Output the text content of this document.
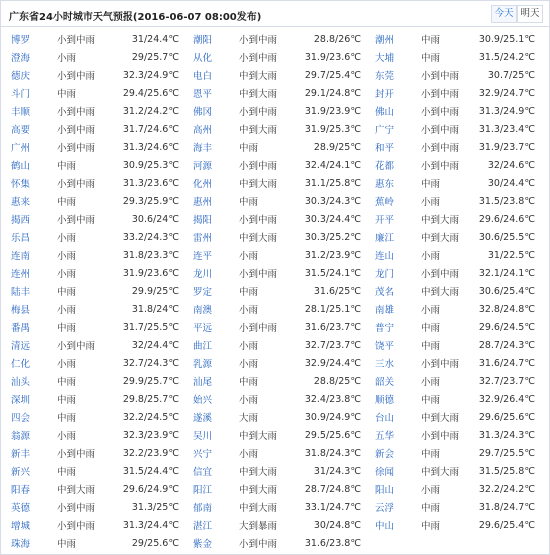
广东省24小时城市天气预报(2016-06-07 08:00发布)	今天 明天
博罗	小到中雨	31/24.4℃	潮阳	小到中雨	28.8/26℃	潮州	中雨	30.9/25.1℃
澄海	小雨	29/25.7℃	从化	小到中雨	31.9/23.6℃	大埔	中雨	31.5/24.2℃
德庆	小到中雨	32.3/24.9℃	电白	中到大雨	29.7/25.4℃	东莞	小到中雨	30.7/25℃
斗门	中雨	29.4/25.6℃	恩平	中到大雨	29.1/24.8℃	封开	小到中雨	32.9/24.7℃
丰顺	小到中雨	31.2/24.2℃	佛冈	小到中雨	31.9/23.9℃	佛山	小到中雨	31.3/24.9℃
高要	小到中雨	31.7/24.6℃	高州	中到大雨	31.9/25.3℃	广宁	小到中雨	31.3/23.4℃
广州	小到中雨	31.3/24.6℃	海丰	中雨	28.9/25℃	和平	小到中雨	31.9/23.7℃
鹤山	中雨	30.9/25.3℃	河源	小到中雨	32.4/24.1℃	花都	小到中雨	32/24.6℃
怀集	小到中雨	31.3/23.6℃	化州	中到大雨	31.1/25.8℃	惠东	中雨	30/24.4℃
惠来	中雨	29.3/25.9℃	惠州	中雨	30.3/24.3℃	蕉岭	小雨	31.5/23.8℃
揭西	小到中雨	30.6/24℃	揭阳	小到中雨	30.3/24.4℃	开平	中到大雨	29.6/24.6℃
乐昌	小雨	33.2/24.3℃	雷州	中到大雨	30.3/25.2℃	廉江	中到大雨	30.6/25.5℃
连南	小雨	31.8/23.3℃	连平	小雨	31.2/23.9℃	连山	小雨	31/22.5℃
连州	小雨	31.9/23.6℃	龙川	小到中雨	31.5/24.1℃	龙门	小到中雨	32.1/24.1℃
陆丰	中雨	29.9/25℃	罗定	中雨	31.6/25℃	茂名	中到大雨	30.6/25.4℃
梅县	小雨	31.8/24℃	南澳	小雨	28.1/25.1℃	南雄	小雨	32.8/24.8℃
番禺	中雨	31.7/25.5℃	平远	小到中雨	31.6/23.7℃	普宁	中雨	29.6/24.5℃
清远	小到中雨	32/24.4℃	曲江	小雨	32.7/23.7℃	饶平	中雨	28.7/24.3℃
仁化	小雨	32.7/24.3℃	乳源	小雨	32.9/24.4℃	三水	小到中雨	31.6/24.7℃
汕头	中雨	29.9/25.7℃	汕尾	中雨	28.8/25℃	韶关	小雨	32.7/23.7℃
深圳	中雨	29.8/25.7℃	始兴	小雨	32.4/23.8℃	顺德	中雨	32.9/26.4℃
四会	中雨	32.2/24.5℃	遂溪	大雨	30.9/24.9℃	台山	中到大雨	29.6/25.6℃
翁源	小雨	32.3/23.9℃	吴川	中到大雨	29.5/25.6℃	五华	小到中雨	31.3/24.3℃
新丰	小到中雨	32.2/23.9℃	兴宁	小雨	31.8/24.3℃	新会	中雨	29.7/25.5℃
新兴	中雨	31.5/24.4℃	信宜	中到大雨	31/24.3℃	徐闻	中到大雨	31.5/25.8℃
阳春	中到大雨	29.6/24.9℃	阳江	中到大雨	28.7/24.8℃	阳山	小雨	32.2/24.2℃
英德	小到中雨	31.3/25℃	郁南	中到大雨	33.1/24.7℃	云浮	中雨	31.8/24.7℃
增城	小到中雨	31.3/24.4℃	湛江	大到暴雨	30/24.8℃	中山	中雨	29.6/25.4℃
珠海	中雨	29/25.6℃	紫金	小到中雨	31.6/23.8℃
